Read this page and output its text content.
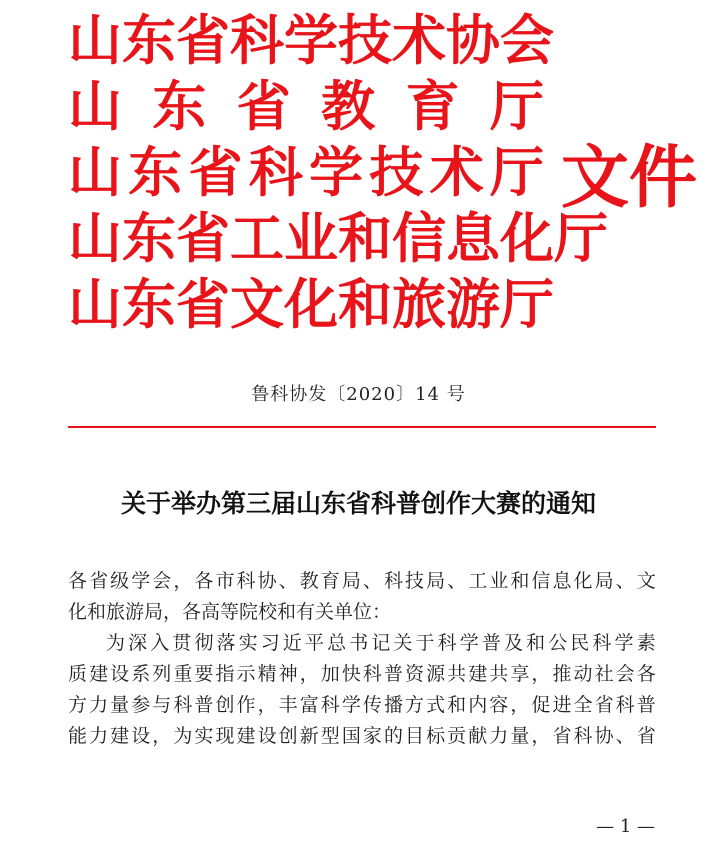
山东省科学技术协会
山 东 省 教 育 厅
山 东 省 科 学 技 术 厅
山东省工业和信息化厅
山东省文化和旅游厅
文件
鲁科协发〔2020〕14 号
关于举办第三届山东省科普创作大赛的通知
各 省 级 学 会 ， 各 市 科 协 、 教 育 局 、 科 技 局 、 工 业 和 信 息 化 局 、 文
化和旅游局，各高等院校和有关单位：
为 深 入 贯 彻 落 实 习 近 平 总 书 记 关 于 科 学 普 及 和 公 民 科 学 素
质 建 设 系 列 重 要 指 示 精 神 ， 加 快 科 普 资 源 共 建 共 享 ， 推 动 社 会 各
方 力 量 参 与 科 普 创 作 ， 丰 富 科 学 传 播 方 式 和 内 容 ， 促 进 全 省 科 普
能 力 建 设 ， 为 实 现 建 设 创 新 型 国 家 的 目 标 贡 献 力 量 ， 省 科 协 、 省
— 1 —
